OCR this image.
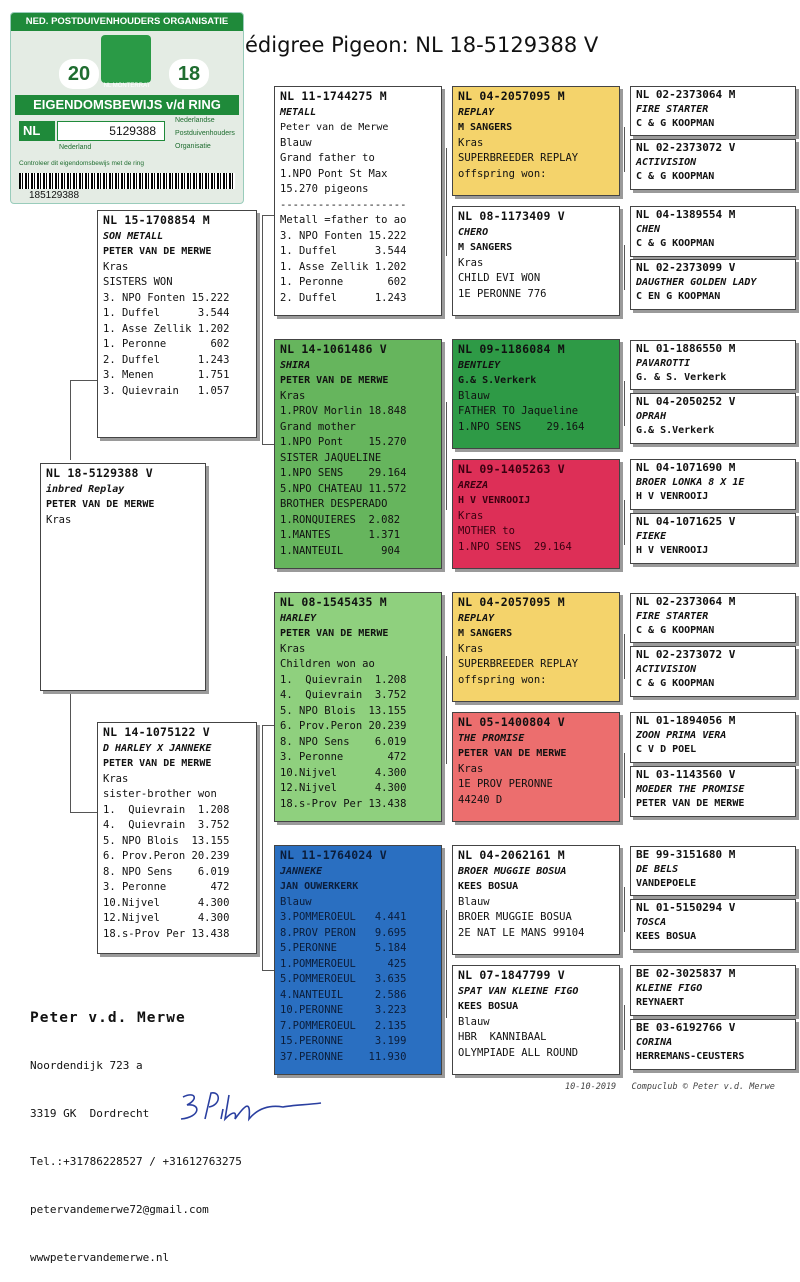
édigree Pigeon: NL 18-5129388 V
NED. POSTDUIVENHOUDERS ORGANISATIE
20	18
NL MONTERRAT
EIGENDOMSBEWIJS v/d RING
NL	5129388
Nederlandse
Postduivenhouders
Organisatie
Nederland
Controleer dit eigendomsbewijs met de ring
185129388
NL 18-5129388 V
inbred Replay
PETER VAN DE MERWE
Kras
NL 15-1708854 M
SON METALL
PETER VAN DE MERWE
Kras
SISTERS WON
3. NPO Fonten 15.222
1. Duffel      3.544
1. Asse Zellik 1.202
1. Peronne       602
2. Duffel      1.243
3. Menen       1.751
3. Quievrain   1.057
NL 14-1075122 V
D HARLEY X JANNEKE
PETER VAN DE MERWE
Kras
sister-brother won
1.  Quievrain  1.208
4.  Quievrain  3.752
5. NPO Blois  13.155
6. Prov.Peron 20.239
8. NPO Sens    6.019
3. Peronne       472
10.Nijvel      4.300
12.Nijvel      4.300
18.s-Prov Per 13.438
NL 11-1744275 M
METALL
Peter van de Merwe
Blauw
Grand father to
1.NPO Pont St Max
15.270 pigeons
--------------------
Metall =father to ao
3. NPO Fonten 15.222
1. Duffel      3.544
1. Asse Zellik 1.202
1. Peronne       602
2. Duffel      1.243
NL 14-1061486 V
SHIRA
PETER VAN DE MERWE
Kras
1.PROV Morlin 18.848
Grand mother
1.NPO Pont    15.270
SISTER JAQUELINE
1.NPO SENS    29.164
5.NPO CHATEAU 11.572
BROTHER DESPERADO
1.RONQUIERES  2.082
1.MANTES      1.371
1.NANTEUIL      904
NL 08-1545435 M
HARLEY
PETER VAN DE MERWE
Kras
Children won ao
1.  Quievrain  1.208
4.  Quievrain  3.752
5. NPO Blois  13.155
6. Prov.Peron 20.239
8. NPO Sens    6.019
3. Peronne       472
10.Nijvel      4.300
12.Nijvel      4.300
18.s-Prov Per 13.438
NL 11-1764024 V
JANNEKE
JAN OUWERKERK
Blauw
3.POMMEROEUL   4.441
8.PROV PERON   9.695
5.PERONNE      5.184
1.POMMEROEUL     425
5.POMMEROEUL   3.635
4.NANTEUIL     2.586
10.PERONNE     3.223
7.POMMEROEUL   2.135
15.PERONNE     3.199
37.PERONNE    11.930
NL 04-2057095 M
REPLAY
M SANGERS
Kras
SUPERBREEDER REPLAY
offspring won:
NL 08-1173409 V
CHERO
M SANGERS
Kras
CHILD EVI WON
1E PERONNE 776
NL 09-1186084 M
BENTLEY
G.& S.Verkerk
Blauw
FATHER TO Jaqueline
1.NPO SENS    29.164
NL 09-1405263 V
AREZA
H V VENROOIJ
Kras
MOTHER to
1.NPO SENS  29.164
NL 04-2057095 M
REPLAY
M SANGERS
Kras
SUPERBREEDER REPLAY
offspring won:
NL 05-1400804 V
THE PROMISE
PETER VAN DE MERWE
Kras
1E PROV PERONNE
44240 D
NL 04-2062161 M
BROER MUGGIE BOSUA
KEES BOSUA
Blauw
BROER MUGGIE BOSUA
2E NAT LE MANS 99104
NL 07-1847799 V
SPAT VAN KLEINE FIGO
KEES BOSUA
Blauw
HBR  KANNIBAAL
OLYMPIADE ALL ROUND
NL 02-2373064 M
FIRE STARTER
C & G KOOPMAN
NL 02-2373072 V
ACTIVISION
C & G KOOPMAN
NL 04-1389554 M
CHEN
C & G KOOPMAN
NL 02-2373099 V
DAUGTHER GOLDEN LADY
C EN G KOOPMAN
NL 01-1886550 M
PAVAROTTI
G. & S. Verkerk
NL 04-2050252 V
OPRAH
G.& S.Verkerk
NL 04-1071690 M
BROER LONKA 8 X 1E
H V VENROOIJ
NL 04-1071625 V
FIEKE
H V VENROOIJ
NL 02-2373064 M
FIRE STARTER
C & G KOOPMAN
NL 02-2373072 V
ACTIVISION
C & G KOOPMAN
NL 01-1894056 M
ZOON PRIMA VERA
C V D POEL
NL 03-1143560 V
MOEDER THE PROMISE
PETER VAN DE MERWE
BE 99-3151680 M
DE BELS
VANDEPOELE
NL 01-5150294 V
TOSCA
KEES BOSUA
BE 02-3025837 M
KLEINE FIGO
REYNAERT
BE 03-6192766 V
CORINA
HERREMANS-CEUSTERS

Peter v.d. Merwe

Noordendijk 723 a

3319 GK  Dordrecht

Tel.:+31786228527 / +31612763275

petervandemerwe72@gmail.com

wwwpetervandemerwe.nl

10-10-2019   Compuclub © Peter v.d. Merwe
